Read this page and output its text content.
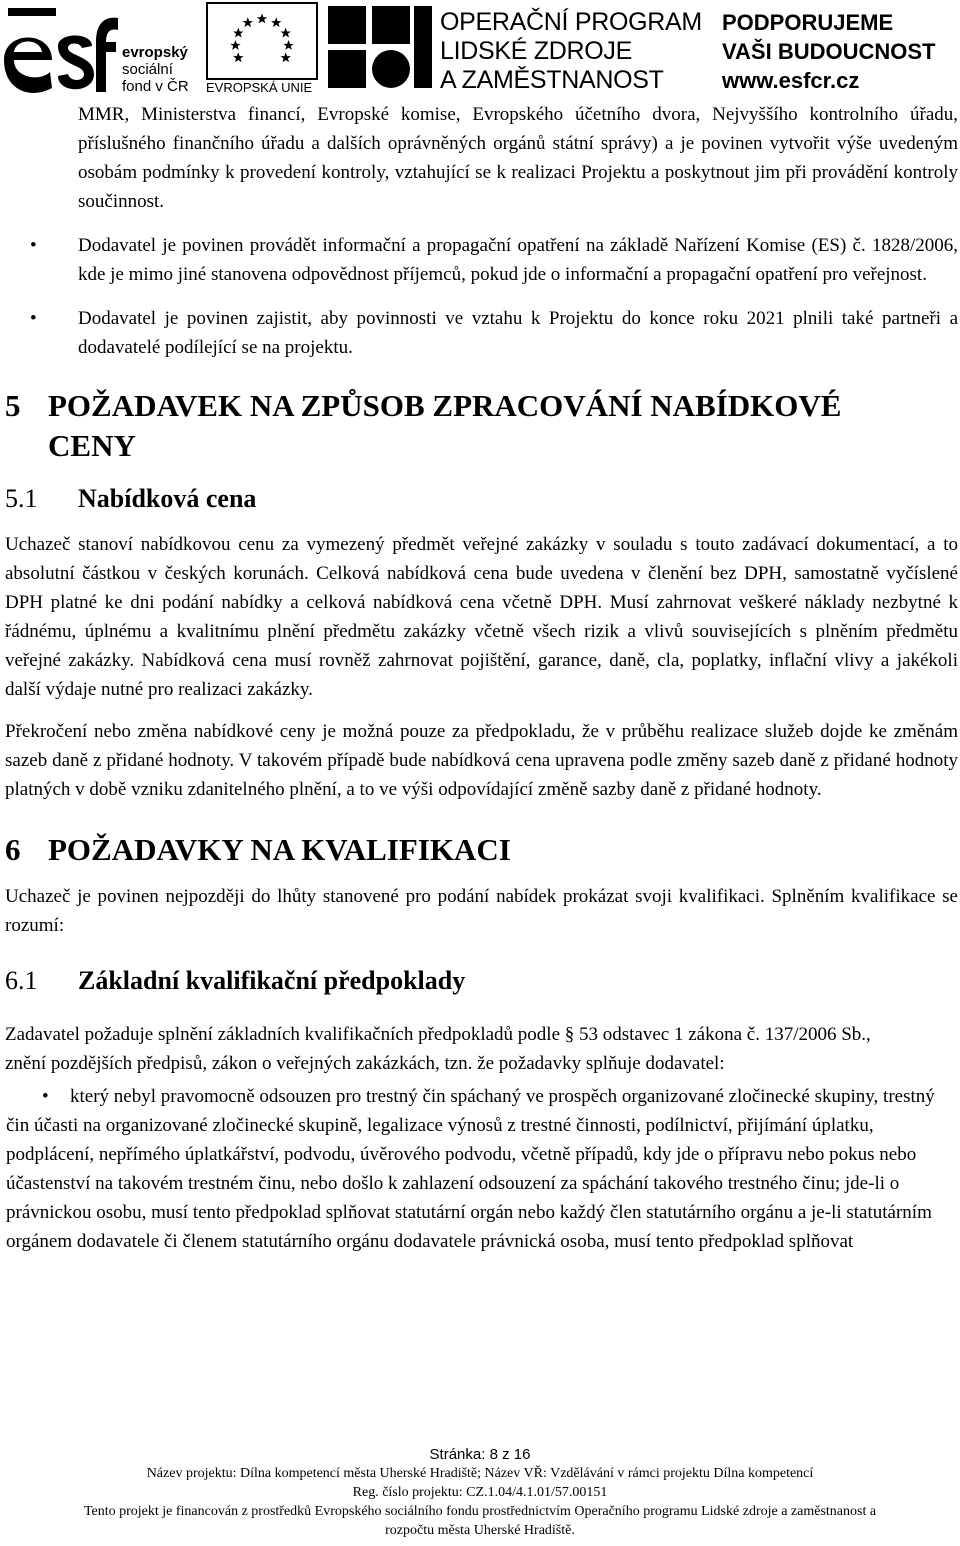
evropský
sociální
fond v ČR EVROPSKÁ UNIE
OPERAČNÍ PROGRAM
LIDSKÉ ZDROJE
A ZAMĚSTNANOST
PODPORUJEME
VAŠI BUDOUCNOST
www.esfcr.cz

MMR, Ministerstva financí, Evropské komise, Evropského účetního dvora, Nejvyššího kontrolního úřadu, příslušného finančního úřadu a dalších oprávněných orgánů státní správy) a je povinen vytvořit výše uvedeným osobám podmínky k provedení kontroly, vztahující se k realizaci Projektu a poskytnout jim při provádění kontroly součinnost.

• Dodavatel je povinen provádět informační a propagační opatření na základě Nařízení Komise (ES) č. 1828/2006, kde je mimo jiné stanovena odpovědnost příjemců, pokud jde o informační a propagační opatření pro veřejnost.

• Dodavatel je povinen zajistit, aby povinnosti ve vztahu k Projektu do konce roku 2021 plnili také partneři a dodavatelé podílející se na projektu.

5 POŽADAVEK NA ZPŮSOB ZPRACOVÁNÍ NABÍDKOVÉ CENY
5.1 Nabídková cena

Uchazeč stanoví nabídkovou cenu za vymezený předmět veřejné zakázky v souladu s touto zadávací dokumentací, a to absolutní částkou v českých korunách. Celková nabídková cena bude uvedena v členění bez DPH, samostatně vyčíslené DPH platné ke dni podání nabídky a celková nabídková cena včetně DPH. Musí zahrnovat veškeré náklady nezbytné k řádnému, úplnému a kvalitnímu plnění předmětu zakázky včetně všech rizik a vlivů souvisejících s plněním předmětu veřejné zakázky. Nabídková cena musí rovněž zahrnovat pojištění, garance, daně, cla, poplatky, inflační vlivy a jakékoli další výdaje nutné pro realizaci zakázky.

Překročení nebo změna nabídkové ceny je možná pouze za předpokladu, že v průběhu realizace služeb dojde ke změnám sazeb daně z přidané hodnoty. V takovém případě bude nabídková cena upravena podle změny sazeb daně z přidané hodnoty platných v době vzniku zdanitelného plnění, a to ve výši odpovídající změně sazby daně z přidané hodnoty.

6 POŽADAVKY NA KVALIFIKACI

Uchazeč je povinen nejpozději do lhůty stanovené pro podání nabídek prokázat svoji kvalifikaci. Splněním kvalifikace se rozumí:

6.1 Základní kvalifikační předpoklady

Zadavatel požaduje splnění základních kvalifikačních předpokladů podle § 53 odstavec 1 zákona č. 137/2006 Sb., znění pozdějších předpisů, zákon o veřejných zakázkách, tzn. že požadavky splňuje dodavatel:

•	který nebyl pravomocně odsouzen pro trestný čin spáchaný ve prospěch organizované zločinecké skupiny, trestný čin účasti na organizované zločinecké skupině, legalizace výnosů z trestné činnosti, podílnictví, přijímání úplatku, podplácení, nepřímého úplatkářství, podvodu, úvěrového podvodu, včetně případů, kdy jde o přípravu nebo pokus nebo účastenství na takovém trestném činu, nebo došlo k zahlazení odsouzení za spáchání takového trestného činu; jde-li o právnickou osobu, musí tento předpoklad splňovat statutární orgán nebo každý člen statutárního orgánu a je-li statutárním orgánem dodavatele či členem statutárního orgánu dodavatele právnická osoba, musí tento předpoklad splňovat

Stránka: 8 z 16
Název projektu: Dílna kompetencí města Uherské Hradiště; Název VŘ: Vzdělávání v rámci projektu Dílna kompetencí
Reg. číslo projektu: CZ.1.04/4.1.01/57.00151
Tento projekt je financován z prostředků Evropského sociálního fondu prostřednictvím Operačního programu Lidské zdroje a zaměstnanost a
rozpočtu města Uherské Hradiště.
